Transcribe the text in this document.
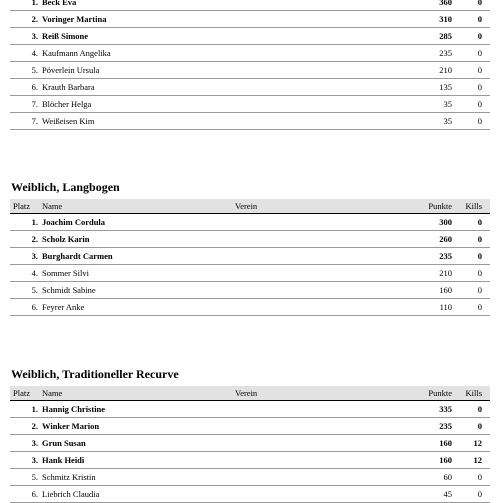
1. Beck Eva	360	0
2. Voringer Martina	310	0
3. Reiß Simone	285	0
4. Kaufmann Angelika	235	0
5. Pöverlein Ursula	210	0
6. Krauth Barbara	135	0
7. Blöcher Helga	35	0
7. Weißeisen Kim	35	0
Weiblich, Langbogen
Platz Name	Verein	Punkte Kills
1. Joachim Cordula	300	0
2. Scholz Karin	260	0
3. Burghardt Carmen	235	0
4. Sommer Silvi	210	0
5. Schmidt Sabine	160	0
6. Feyrer Anke	110	0
Weiblich, Traditioneller Recurve
Platz Name	Verein	Punkte Kills
1. Hannig Christine	335	0
2. Winker Marion	235	0
3. Grun Susan	160	12
3. Hank Heidi	160	12
5. Schmitz Kristin	60	0
6. Liebrich Claudia	45	0
